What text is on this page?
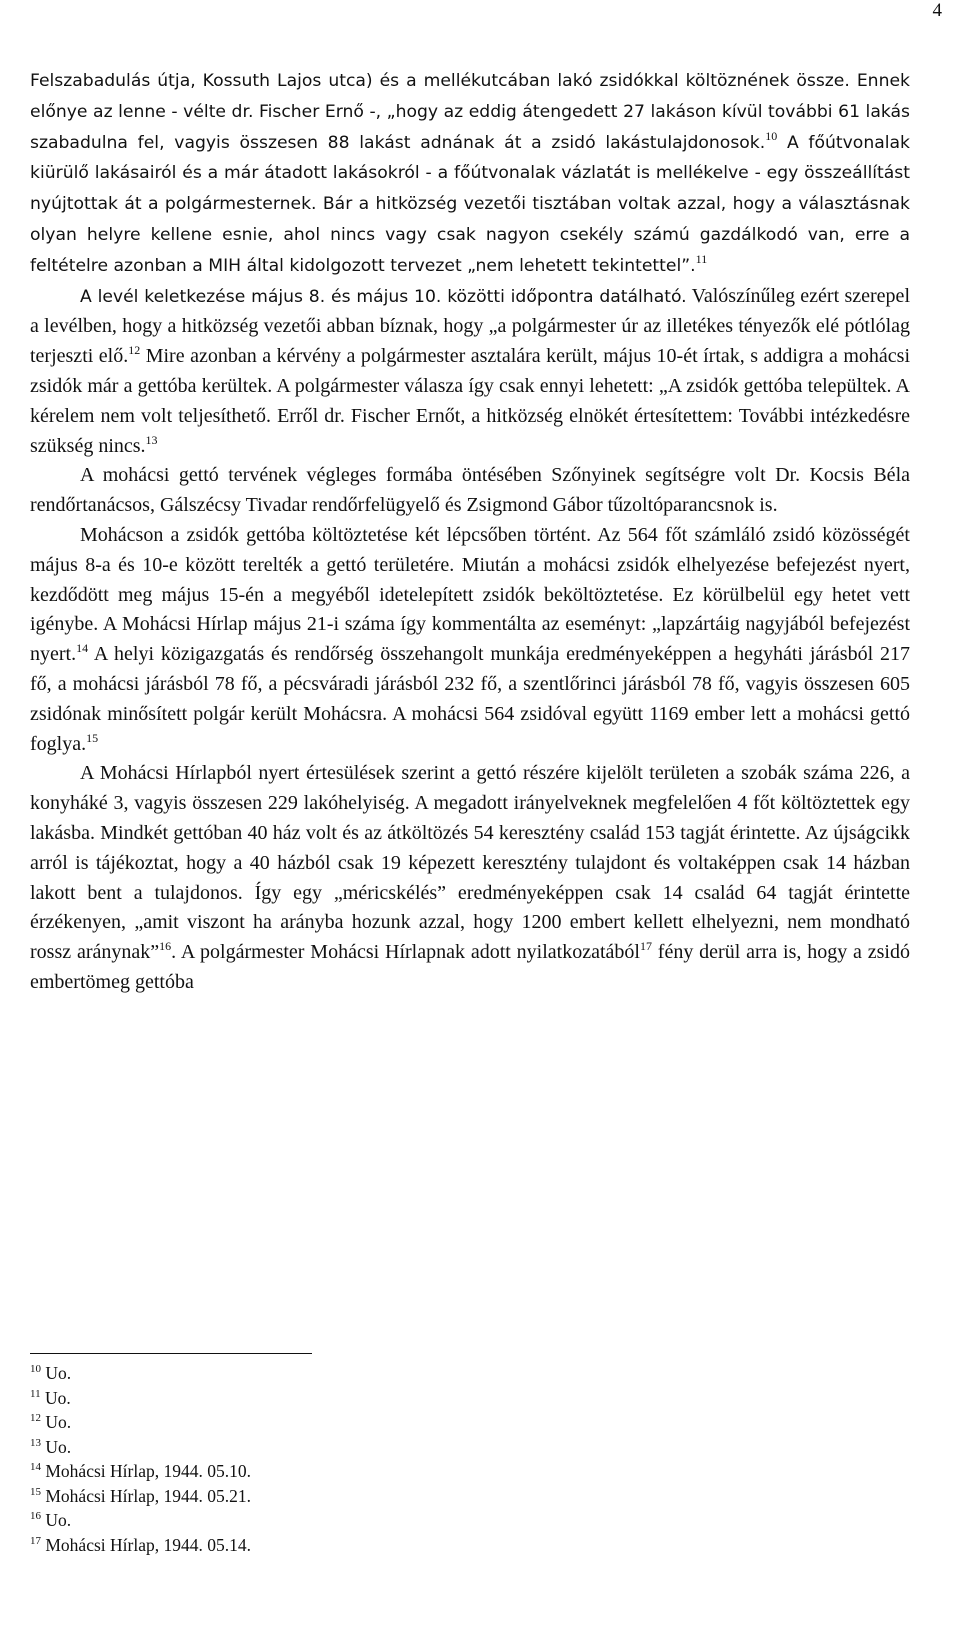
4

Felszabadulás útja, Kossuth Lajos utca) és a mellékutcában lakó zsidókkal költöznének össze. Ennek előnye az lenne - vélte dr. Fischer Ernő -, „hogy az eddig átengedett 27 lakáson kívül további 61 lakás szabadulna fel, vagyis összesen 88 lakást adnának át a zsidó lakástulajdonosok.$^{10}$ A főútvonalak kiürülő lakásairól és a már átadott lakásokról - a főútvonalak vázlatát is mellékelve - egy összeállítást nyújtottak át a polgármesternek. Bár a hitközség vezetői tisztában voltak azzal, hogy a választásnak olyan helyre kellene esnie, ahol nincs vagy csak nagyon csekély számú gazdálkodó van, erre a feltételre azonban a MIH által kidolgozott tervezet „nem lehetett tekintettel”.$^{11}$

A levél keletkezése május 8. és május 10. közötti időpontra datálható. Valószínűleg ezért szerepel a levélben, hogy a hitközség vezetői abban bíznak, hogy „a polgármester úr az illetékes tényezők elé pótlólag terjeszti elő.$^{12}$ Mire azonban a kérvény a polgármester asztalára került, május 10-ét írtak, s addigra a mohácsi zsidók már a gettóba kerültek. A polgármester válasza így csak ennyi lehetett: „A zsidók gettóba települtek. A kérelem nem volt teljesíthető. Erről dr. Fischer Ernőt, a hitközség elnökét értesítettem: További intézkedésre szükség nincs.$^{13}$

A mohácsi gettó tervének végleges formába öntésében Szőnyinek segítségre volt Dr. Kocsis Béla rendőrtanácsos, Gálszécsy Tivadar rendőrfelügyelő és Zsigmond Gábor tűzoltóparancsnok is.

Mohácson a zsidók gettóba költöztetése két lépcsőben történt. Az 564 főt számláló zsidó közösségét május 8-a és 10-e között terelték a gettó területére. Miután a mohácsi zsidók elhelyezése befejezést nyert, kezdődött meg május 15-én a megyéből idetelepített zsidók beköltöztetése. Ez körülbelül egy hetet vett igénybe. A Mohácsi Hírlap május 21-i száma így kommentálta az eseményt: „lapzártáig nagyjából befejezést nyert.$^{14}$ A helyi közigazgatás és rendőrség összehangolt munkája eredményeképpen a hegyháti járásból 217 fő, a mohácsi járásból 78 fő, a pécsváradi járásból 232 fő, a szentlőrinci járásból 78 fő, vagyis összesen 605 zsidónak minősített polgár került Mohácsra. A mohácsi 564 zsidóval együtt 1169 ember lett a mohácsi gettó foglya.$^{15}$

A Mohácsi Hírlapból nyert értesülések szerint a gettó részére kijelölt területen a szobák száma 226, a konyháké 3, vagyis összesen 229 lakóhelyiség. A megadott irányelveknek megfelelően 4 főt költöztettek egy lakásba. Mindkét gettóban 40 ház volt és az átköltözés 54 keresztény család 153 tagját érintette. Az újságcikk arról is tájékoztat, hogy a 40 házból csak 19 képezett keresztény tulajdont és voltaképpen csak 14 házban lakott bent a tulajdonos. Így egy „méricskélés” eredményeképpen csak 14 család 64 tagját érintette érzékenyen, „amit viszont ha arányba hozunk azzal, hogy 1200 embert kellett elhelyezni, nem mondható rossz aránynak”$^{16}$. A polgármester Mohácsi Hírlapnak adott nyilatkozatából$^{17}$ fény derül arra is, hogy a zsidó embertömeg gettóba

$^{10}$ Uo.
$^{11}$ Uo.
$^{12}$ Uo.
$^{13}$ Uo.
$^{14}$ Mohácsi Hírlap, 1944. 05.10.
$^{15}$ Mohácsi Hírlap, 1944. 05.21.
$^{16}$ Uo.
$^{17}$ Mohácsi Hírlap, 1944. 05.14.
